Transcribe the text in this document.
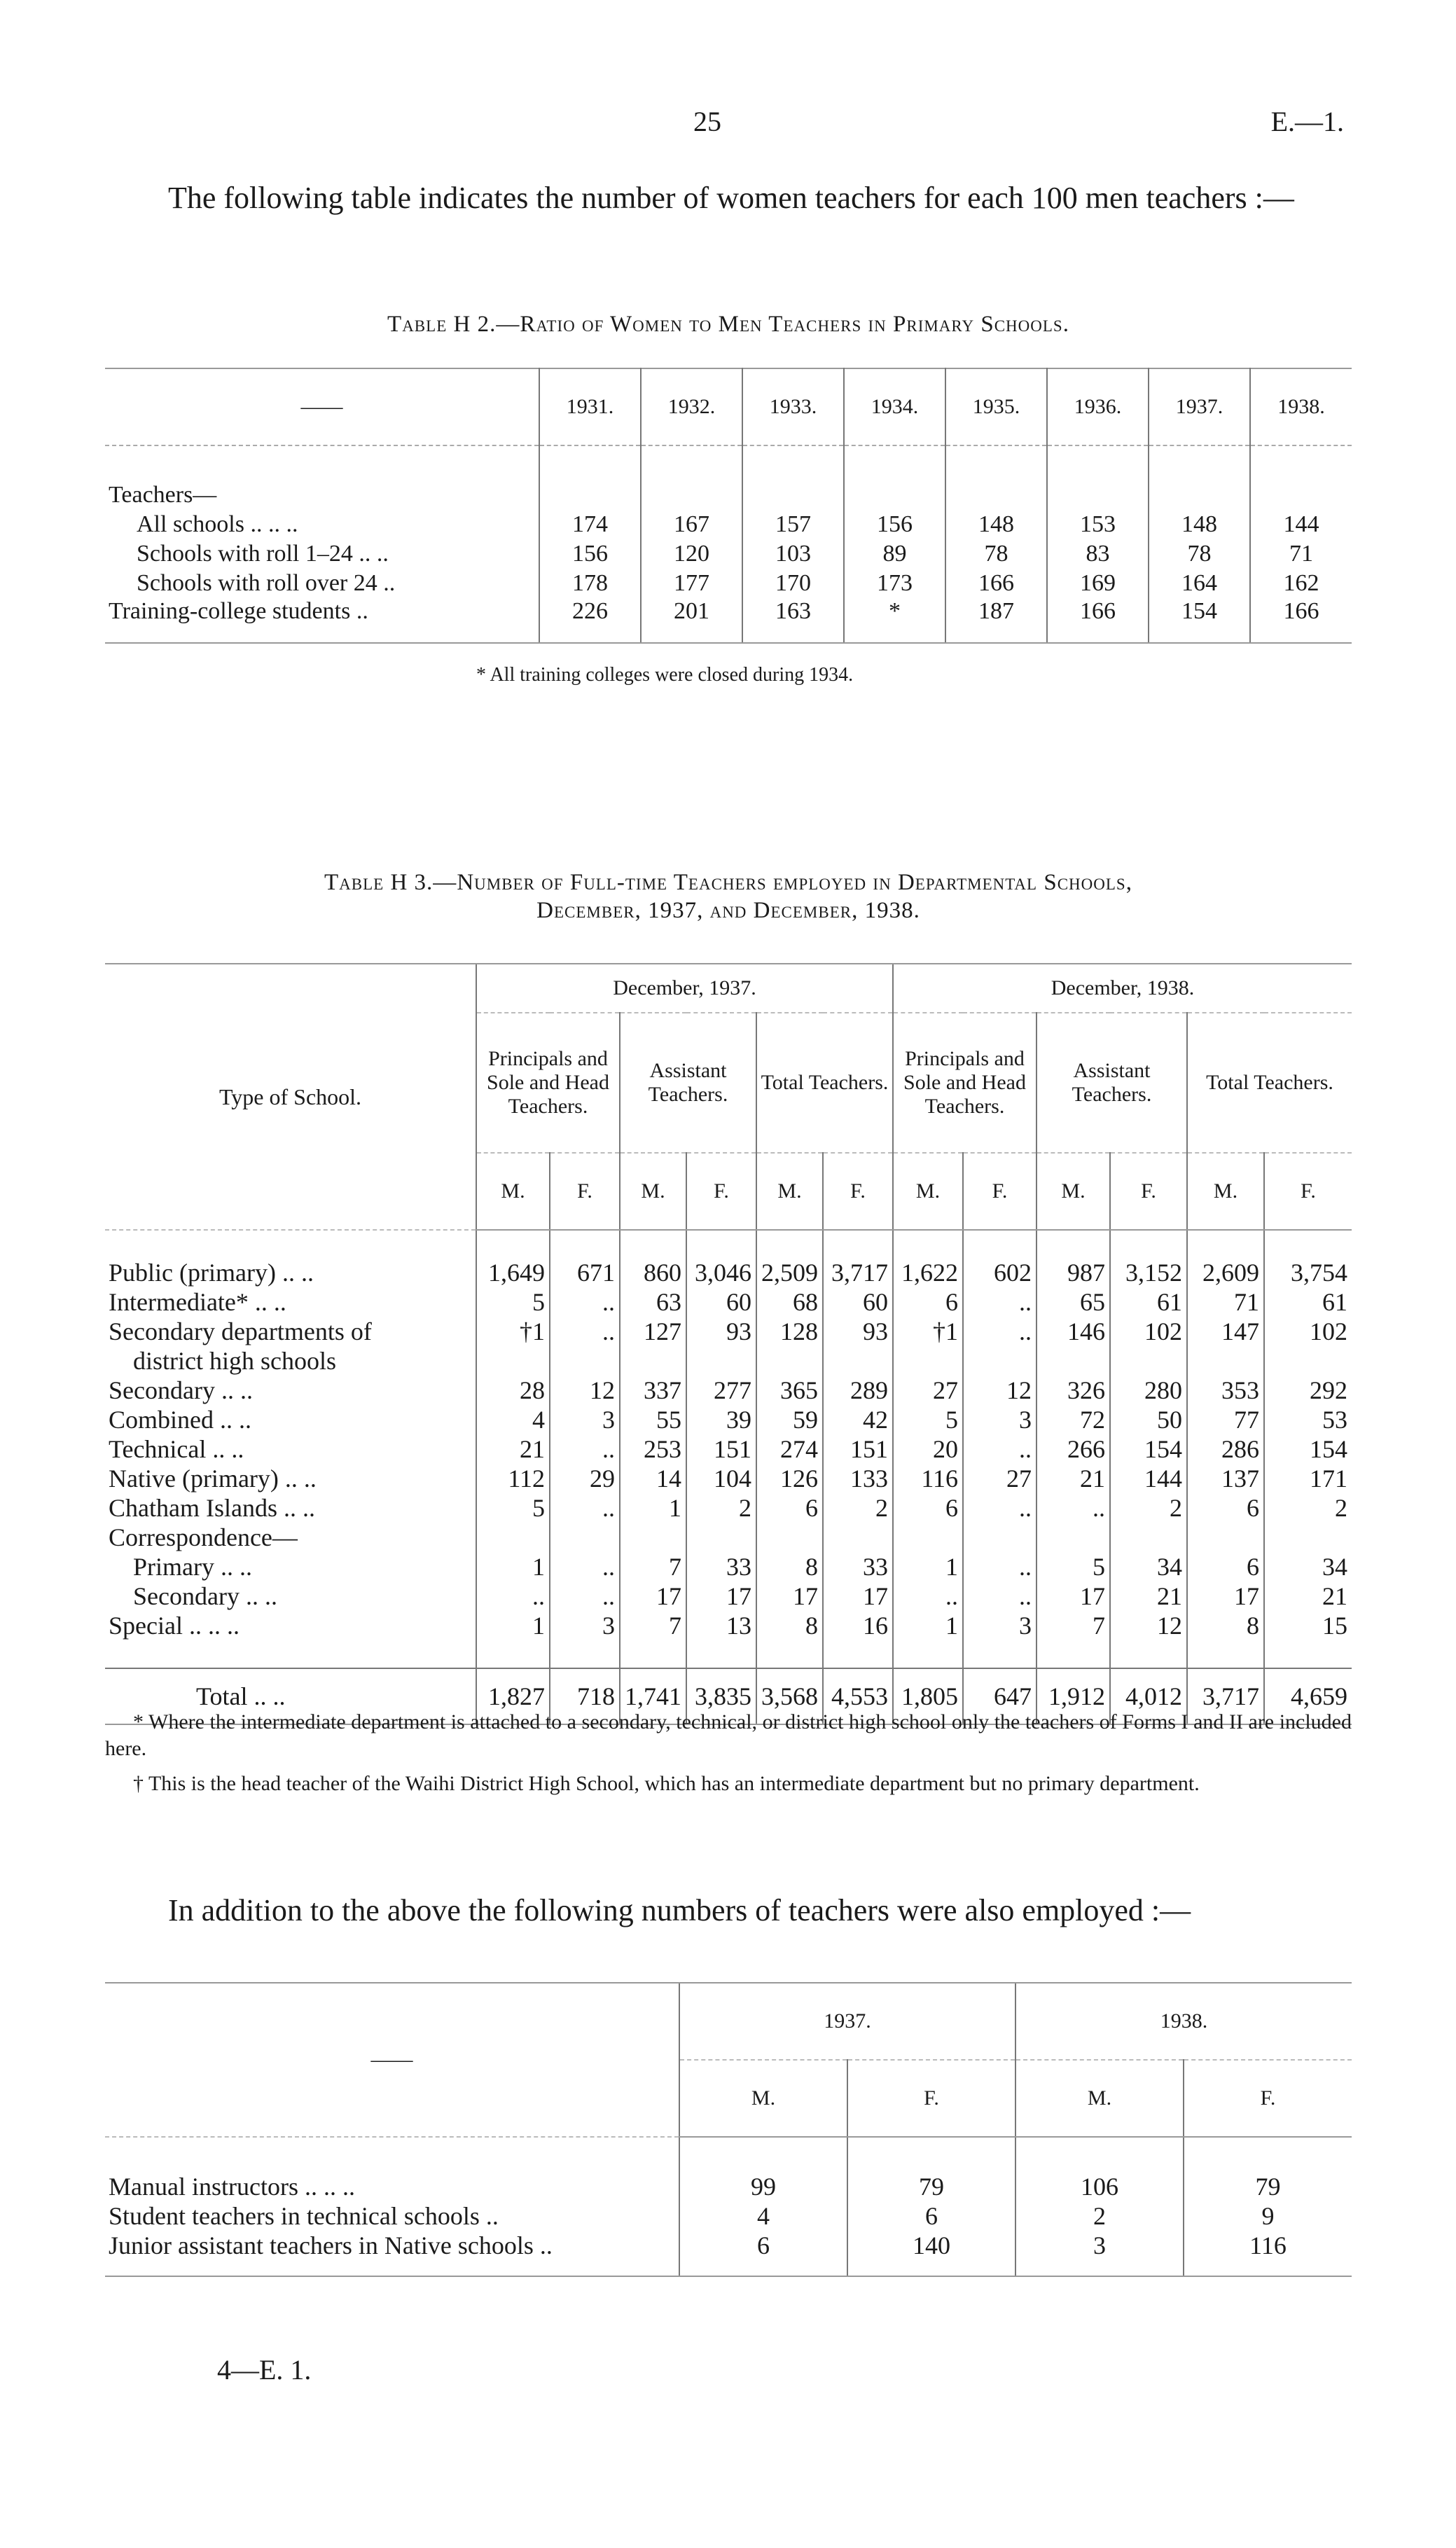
25	E.—1.

The following table indicates the number of women teachers for each 100 men teachers :—

Table H 2.—Ratio of Women to Men Teachers in Primary Schools.
——	1931.	1932.	1933.	1934.	1935.	1936.	1937.	1938.

Teachers—								
All schools .. .. ..	174	167	157	156	148	153	148	144
Schools with roll 1–24 .. ..	156	120	103	89	78	83	78	71
Schools with roll over 24 ..	178	177	170	173	166	169	164	162
Training-college students ..	226	201	163	*	187	166	154	166
* All training colleges were closed during 1934.
Table H 3.—Number of Full-time Teachers employed in Departmental Schools,
December, 1937, and December, 1938.
Type of School.	December, 1937.						December, 1938.					
	Principals and Sole and Head Teachers.		Assistant Teachers.		Total Teachers.		Principals and Sole and Head Teachers.		Assistant Teachers.		Total Teachers.	
	M.	F.	M.	F.	M.	F.	M.	F.	M.	F.	M.	F.

Public (primary) .. ..	1,649	671	860	3,046	2,509	3,717	1,622	602	987	3,152	2,609	3,754
Intermediate* .. ..	5	..	63	60	68	60	6	..	65	61	71	61
Secondary departments of	†1	..	127	93	128	93	†1	..	146	102	147	102
district high schools												
Secondary .. ..	28	12	337	277	365	289	27	12	326	280	353	292
Combined .. ..	4	3	55	39	59	42	5	3	72	50	77	53
Technical .. ..	21	..	253	151	274	151	20	..	266	154	286	154
Native (primary) .. ..	112	29	14	104	126	133	116	27	21	144	137	171
Chatham Islands .. ..	5	..	1	2	6	2	6	..	..	2	6	2
Correspondence—												
Primary .. ..	1	..	7	33	8	33	1	..	5	34	6	34
Secondary .. ..	..	..	17	17	17	17	..	..	17	21	17	21
Special .. .. ..	1	3	7	13	8	16	1	3	7	12	8	15

Total .. ..	1,827	718	1,741	3,835	3,568	4,553	1,805	647	1,912	4,012	3,717	4,659

* Where the intermediate department is attached to a secondary, technical, or district high school only the teachers of Forms I and II are included here.

† This is the head teacher of the Waihi District High School, which has an intermediate department but no primary department.

In addition to the above the following numbers of teachers were also employed :—

——	1937.		1938.	
	M.	F.	M.	F.

Manual instructors .. .. ..	99	79	106	79
Student teachers in technical schools ..	4	6	2	9
Junior assistant teachers in Native schools ..	6	140	3	116
4—E. 1.
